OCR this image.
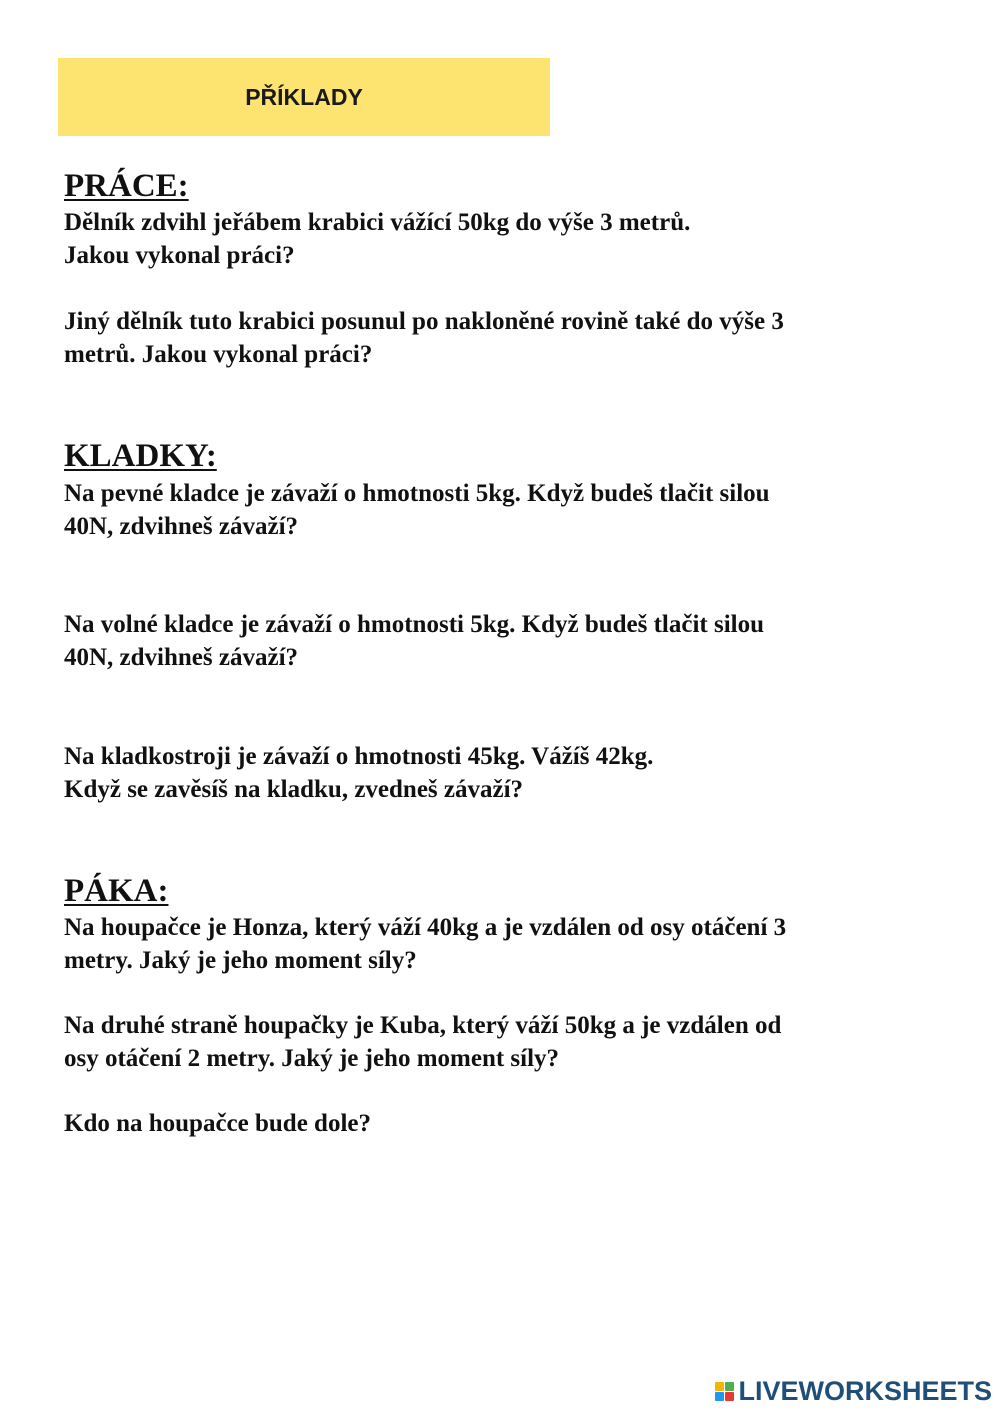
PŘÍKLADY
PRÁCE:

Dělník zdvihl jeřábem krabici vážící 50kg do výše 3 metrů.
Jakou vykonal práci?

Jiný dělník tuto krabici posunul po nakloněné rovině také do výše 3
metrů. Jakou vykonal práci?

KLADKY:

Na pevné kladce je závaží o hmotnosti 5kg. Když budeš tlačit silou
40N, zdvihneš závaží?

Na volné kladce je závaží o hmotnosti 5kg. Když budeš tlačit silou
40N, zdvihneš závaží?

Na kladkostroji je závaží o hmotnosti 45kg. Vážíš 42kg.
Když se zavěsíš na kladku, zvedneš závaží?

PÁKA:

Na houpačce je Honza, který váží 40kg a je vzdálen od osy otáčení 3
metry. Jaký je jeho moment síly?

Na druhé straně houpačky je Kuba, který váží 50kg a je vzdálen od
osy otáčení 2 metry. Jaký je jeho moment síly?

Kdo na houpačce bude dole?

LIVEWORKSHEETS
